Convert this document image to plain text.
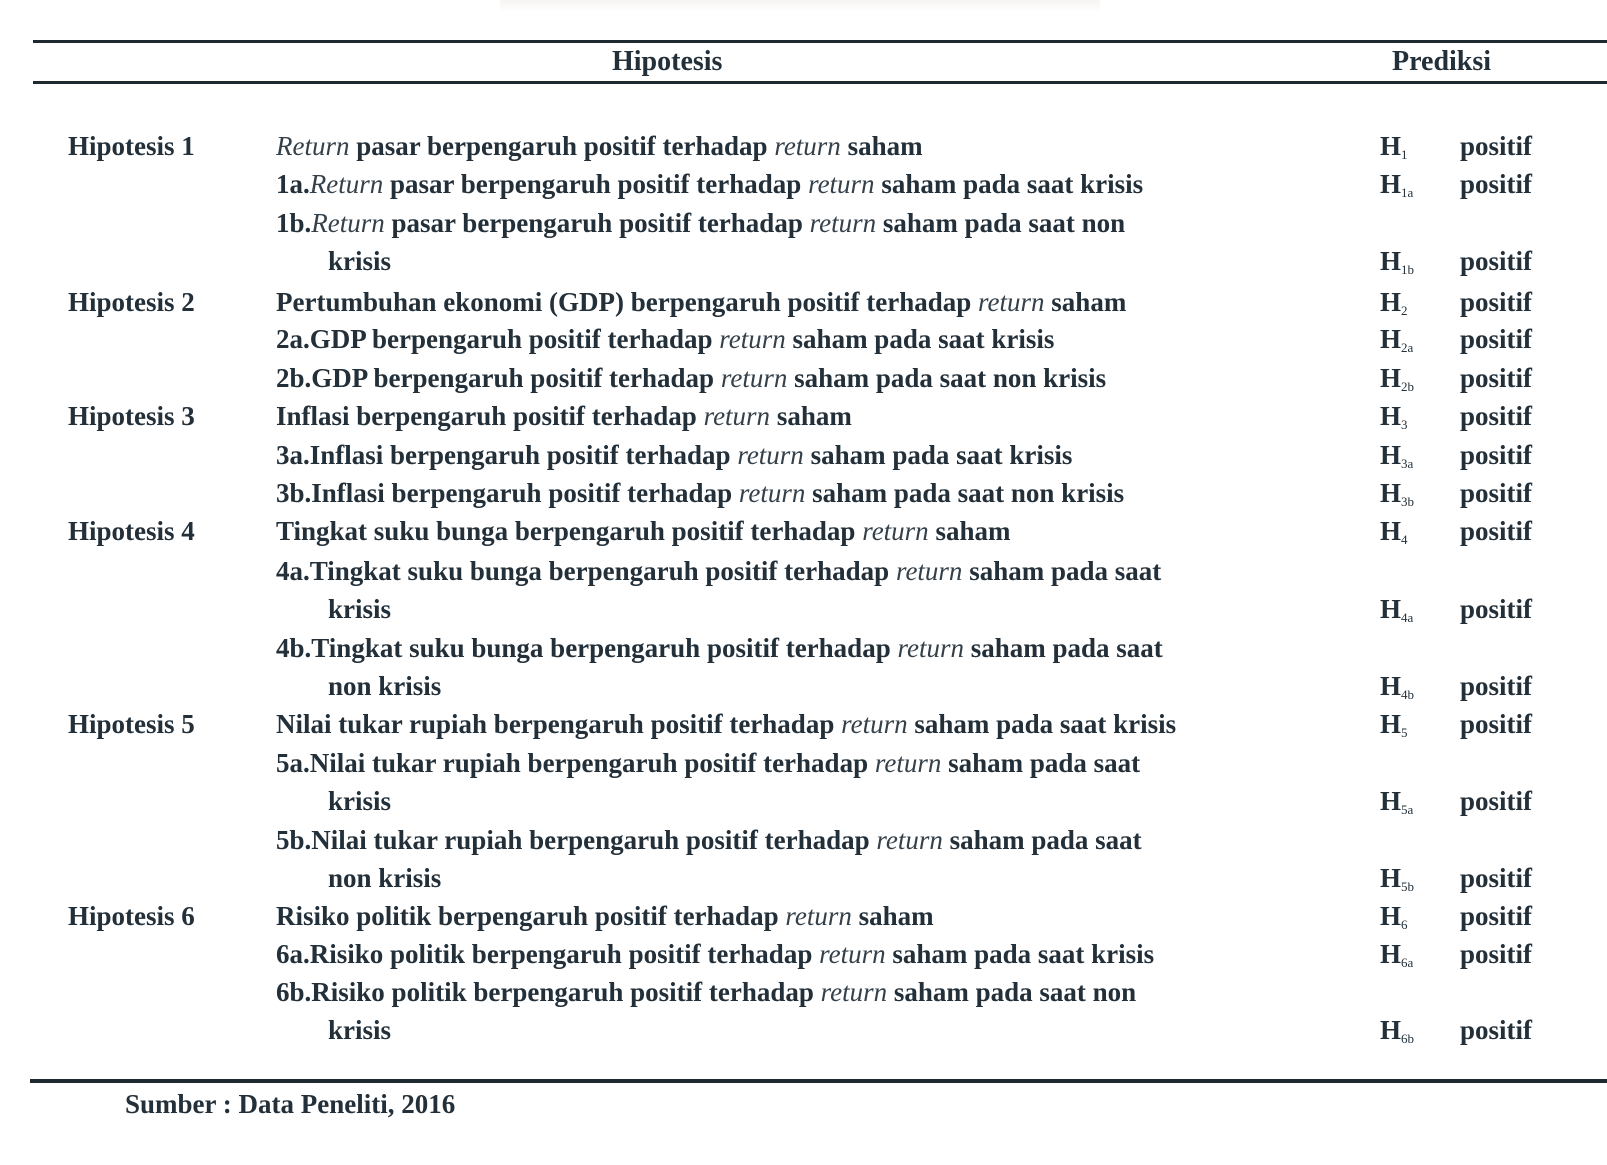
Hipotesis	Prediksi
Hipotesis 1	Return pasar berpengaruh positif terhadap return saham	$H_1$ positif
1a.Return pasar berpengaruh positif terhadap return saham pada saat krisis	$H_{1a}$ positif
1b.Return pasar berpengaruh positif terhadap return saham pada saat non
krisis	$H_{1b}$ positif
Hipotesis 2	Pertumbuhan ekonomi (GDP) berpengaruh positif terhadap return saham	$H_2$ positif
2a.GDP berpengaruh positif terhadap return saham pada saat krisis	$H_{2a}$ positif
2b.GDP berpengaruh positif terhadap return saham pada saat non krisis	$H_{2b}$ positif
Hipotesis 3	Inflasi berpengaruh positif terhadap return saham	$H_3$ positif
3a.Inflasi berpengaruh positif terhadap return saham pada saat krisis	$H_{3a}$ positif
3b.Inflasi berpengaruh positif terhadap return saham pada saat non krisis	$H_{3b}$ positif
Hipotesis 4	Tingkat suku bunga berpengaruh positif terhadap return saham	$H_4$ positif
4a.Tingkat suku bunga berpengaruh positif terhadap return saham pada saat
krisis	$H_{4a}$ positif
4b.Tingkat suku bunga berpengaruh positif terhadap return saham pada saat
non krisis	$H_{4b}$ positif
Hipotesis 5	Nilai tukar rupiah berpengaruh positif terhadap return saham pada saat krisis	$H_5$ positif
5a.Nilai tukar rupiah berpengaruh positif terhadap return saham pada saat
krisis	$H_{5a}$ positif
5b.Nilai tukar rupiah berpengaruh positif terhadap return saham pada saat
non krisis	$H_{5b}$ positif
Hipotesis 6	Risiko politik berpengaruh positif terhadap return saham	$H_6$ positif
6a.Risiko politik berpengaruh positif terhadap return saham pada saat krisis	$H_{6a}$ positif
6b.Risiko politik berpengaruh positif terhadap return saham pada saat non
krisis	$H_{6b}$ positif
Sumber : Data Peneliti, 2016
